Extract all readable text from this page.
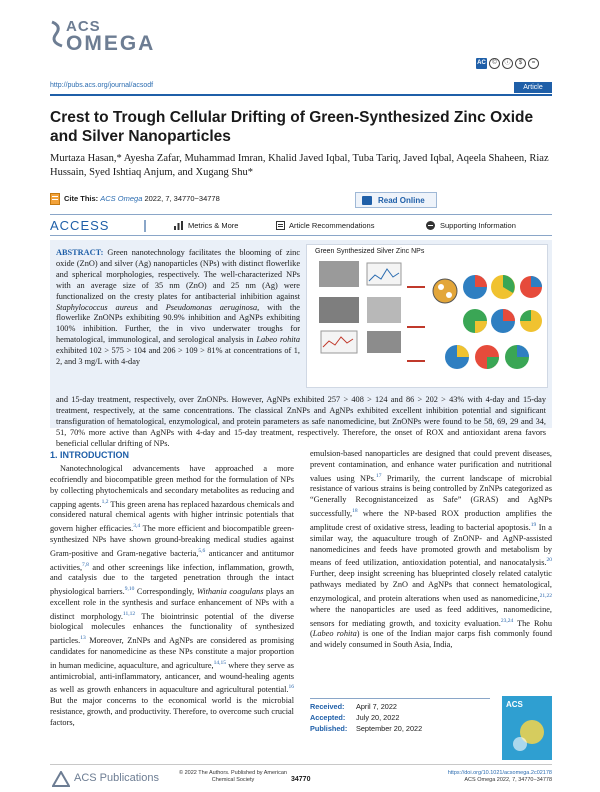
ACS
OMEGA
http://pubs.acs.org/journal/acsodf
AC	©	ⓘ	$	=
Article
Crest to Trough Cellular Drifting of Green-Synthesized Zinc Oxide and Silver Nanoparticles
Murtaza Hasan,* Ayesha Zafar, Muhammad Imran, Khalid Javed Iqbal, Tuba Tariq, Javed Iqbal, Aqeela Shaheen, Riaz Hussain, Syed Ishtiaq Anjum, and Xugang Shu*
Cite This: ACS Omega 2022, 7, 34770−34778	Read Online
ACCESS	Metrics & More	Article Recommendations	Supporting Information

ABSTRACT: Green nanotechnology facilitates the blooming of zinc oxide (ZnO) and silver (Ag) nanoparticles (NPs) with distinct flowerlike and spherical morphologies, respectively. The well-characterized NPs with an average size of 35 nm (ZnO) and 25 nm (Ag) were functionalized on the cresty plates for antibacterial inhibition against Staphylococcus aureus and Pseudomonas aeruginosa, with the flowerlike ZnONPs exhibiting 90.9% inhibition and AgNPs exhibiting 100% inhibition. Further, the in vivo underwater troughs for hematological, immunological, and serological analysis in Labeo rohita exhibited 102 > 575 > 104 and 206 > 109 > 81% at concentrations of 1, 2, and 3 mg/L with 4-day

and 15-day treatment, respectively, over ZnONPs. However, AgNPs exhibited 257 > 408 > 124 and 86 > 202 > 43% with 4-day and 15-day treatment, respectively, at the same concentrations. The classical ZnNPs and AgNPs exhibited excellent inhibition potential and significant transfiguration of hematological, enzymological, and protein parameters as safe nanomedicine, but ZnONPs were found to be 58, 69, 29 and 34, 51, 70% more active than AgNPs with 4-day and 15-day treatment, respectively. Therefore, the onset of ROX and antioxidant arena favors beneficial cellular drifting of NPs.

Green Synthesized Silver Zinc NPs
1. INTRODUCTION

Nanotechnological advancements have approached a more ecofriendly and biocompatible green method for the formulation of NPs by collecting phytochemicals and secondary metabolites as reducing and capping agents.$^{1,2}$ This green arena has replaced hazardous chemicals and considered natural chemical agents with higher intrinsic potentials that govern higher efficacies.$^{3,4}$ The more efficient and biocompatible green-synthesized NPs have shown ground-breaking medical studies against Gram-positive and Gram-negative bacteria,$^{5,6}$ anticancer and antitumor activities,$^{7,8}$ and other screenings like infection, inflammation, growth, and catalysis due to the targeted penetration through the intact physiological barriers.$^{9,10}$ Correspondingly, Withania coagulans plays an excellent role in the synthesis and surface enhancement of NPs with a distinct morphology.$^{11,12}$ The biointrinsic potential of the diverse biological molecules enhances the functionality of synthesized particles.$^{13}$ Moreover, ZnNPs and AgNPs are considered as promising candidates for nanomedicine as these NPs constitute a major proportion in human medicine, aquaculture, and agriculture,$^{14,15}$ where they serve as antimicrobial, anti-inflammatory, anticancer, and wound-healing agents as well as growth enhancers in aquaculture and agricultural potential.$^{16}$ But the major concerns to the economical world is the microbial resistance, growth, and productivity. Therefore, to overcome such crucial factors,

emulsion-based nanoparticles are designed that could prevent diseases, prevent contamination, and enhance water purification and nutritional values using NPs.$^{17}$ Primarily, the current landscape of microbial resistance of various strains is being controlled by ZnNPs categorized as “Generally Recognistanceized as Safe” (GRAS) and AgNPs successfully,$^{18}$ where the NP-based ROX production amplifies the amplitude crest of oxidative stress, leading to bacterial apoptosis.$^{19}$ In a similar way, the aquaculture trough of ZnONP- and AgNP-assisted nanomedicines and feeds have promoted growth and metabolism by means of feed utilization, antioxidation potential, and nanocatalysis.$^{20}$ Further, deep insight screening has blueprinted closely related catalytic pathways mediated by ZnO and AgNPs that connect hematological, enzymological, and protein alterations when used as nanomedicine,$^{21,22}$ where the nanoparticles are used as feed additives, nanomedicine, sensors for mediating growth, and toxicity evaluation.$^{23,24}$ The Rohu (Labeo rohita) is one of the Indian major carps fish commonly found and widely consumed in South Asia, India,

Received: April 7, 2022
Accepted: July 20, 2022
Published: September 20, 2022
ACS
ACS Publications	© 2022 The Authors. Published by American Chemical Society	34770
https://doi.org/10.1021/acsomega.2c02178
ACS Omega 2022, 7, 34770−34778
